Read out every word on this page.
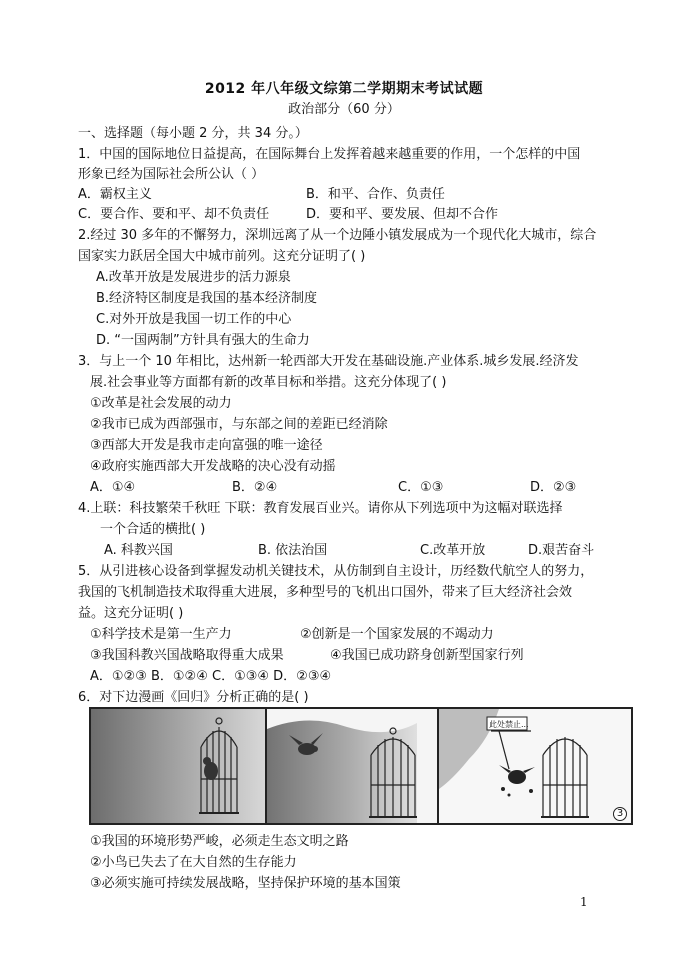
2012 年八年级文综第二学期期末考试试题
政治部分（60 分）
一、选择题（每小题 2 分，共 34 分。）
1．中国的国际地位日益提高，在国际舞台上发挥着越来越重要的作用，一个怎样的中国
形象已经为国际社会所公认（ ）
A．霸权主义	B．和平、合作、负责任
C．要合作、要和平、却不负责任	D．要和平、要发展、但却不合作
2.经过 30 多年的不懈努力，深圳远离了从一个边陲小镇发展成为一个现代化大城市，综合
国家实力跃居全国大中城市前列。这充分证明了( )
A.改革开放是发展进步的活力源泉
B.经济特区制度是我国的基本经济制度
C.对外开放是我国一切工作的中心
D. “一国两制”方针具有强大的生命力
3．与上一个 10 年相比，达州新一轮西部大开发在基础设施.产业体系.城乡发展.经济发
展.社会事业等方面都有新的改革目标和举措。这充分体现了( )
①改革是社会发展的动力
②我市已成为西部强市，与东部之间的差距已经消除
③西部大开发是我市走向富强的唯一途径
④政府实施西部大开发战略的决心没有动摇
A．①④	B．②④	C．①③	D．②③
4.上联：科技繁荣千秋旺 下联：教育发展百业兴。请你从下列选项中为这幅对联选择
一个合适的横批( )
A. 科教兴国	B. 依法治国	C.改革开放	D.艰苦奋斗
5．从引进核心设备到掌握发动机关键技术，从仿制到自主设计，历经数代航空人的努力，
我国的飞机制造技术取得重大进展，多种型号的飞机出口国外，带来了巨大经济社会效
益。这充分证明( )
①科学技术是第一生产力	②创新是一个国家发展的不竭动力
③我国科教兴国战略取得重大成果	④我国已成功跻身创新型国家行列
A．①②③ B．①②④ C．①③④ D．②③④
6．对下边漫画《回归》分析正确的是( )
此处禁止...
3
①我国的环境形势严峻，必须走生态文明之路
②小鸟已失去了在大自然的生存能力
③必须实施可持续发展战略，坚持保护环境的基本国策
1
